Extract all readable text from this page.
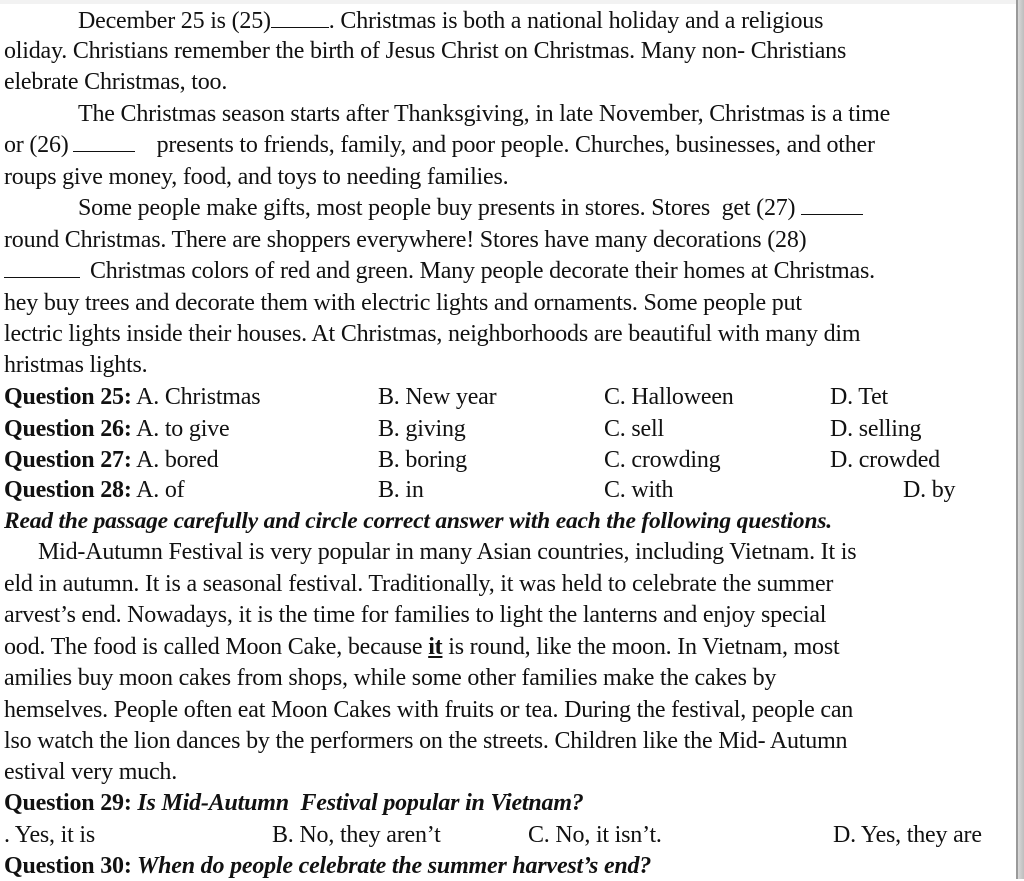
December 25 is (25) . Christmas is both a national holiday and a religious
oliday. Christians remember the birth of Jesus Christ on Christmas. Many non- Christians
elebrate Christmas, too.
The Christmas season starts after Thanksgiving, in late November, Christmas is a time
or (26)	presents to friends, family, and poor people. Churches, businesses, and other
roups give money, food, and toys to needing families.
Some people make gifts, most people buy presents in stores. Stores  get (27)
round Christmas. There are shoppers everywhere! Stores have many decorations (28)
Christmas colors of red and green. Many people decorate their homes at Christmas.
hey buy trees and decorate them with electric lights and ornaments. Some people put
lectric lights inside their houses. At Christmas, neighborhoods are beautiful with many dim
hristmas lights.
Question 25: A. Christmas	B. New year	C. Halloween	D. Tet
Question 26: A. to give	B. giving	C. sell	D. selling
Question 27: A. bored	B. boring	C. crowding	D. crowded
Question 28: A. of	B. in	C. with	D. by
Read the passage carefully and circle correct answer with each the following questions.
Mid-Autumn Festival is very popular in many Asian countries, including Vietnam. It is
eld in autumn. It is a seasonal festival. Traditionally, it was held to celebrate the summer
arvest’s end. Nowadays, it is the time for families to light the lanterns and enjoy special
ood. The food is called Moon Cake, because it is round, like the moon. In Vietnam, most
amilies buy moon cakes from shops, while some other families make the cakes by
hemselves. People often eat Moon Cakes with fruits or tea. During the festival, people can
lso watch the lion dances by the performers on the streets. Children like the Mid- Autumn
estival very much.
Question 29: Is Mid-Autumn  Festival popular in Vietnam?
. Yes, it is	B. No, they aren’t	C. No, it isn’t.	D. Yes, they are
Question 30: When do people celebrate the summer harvest’s end?
